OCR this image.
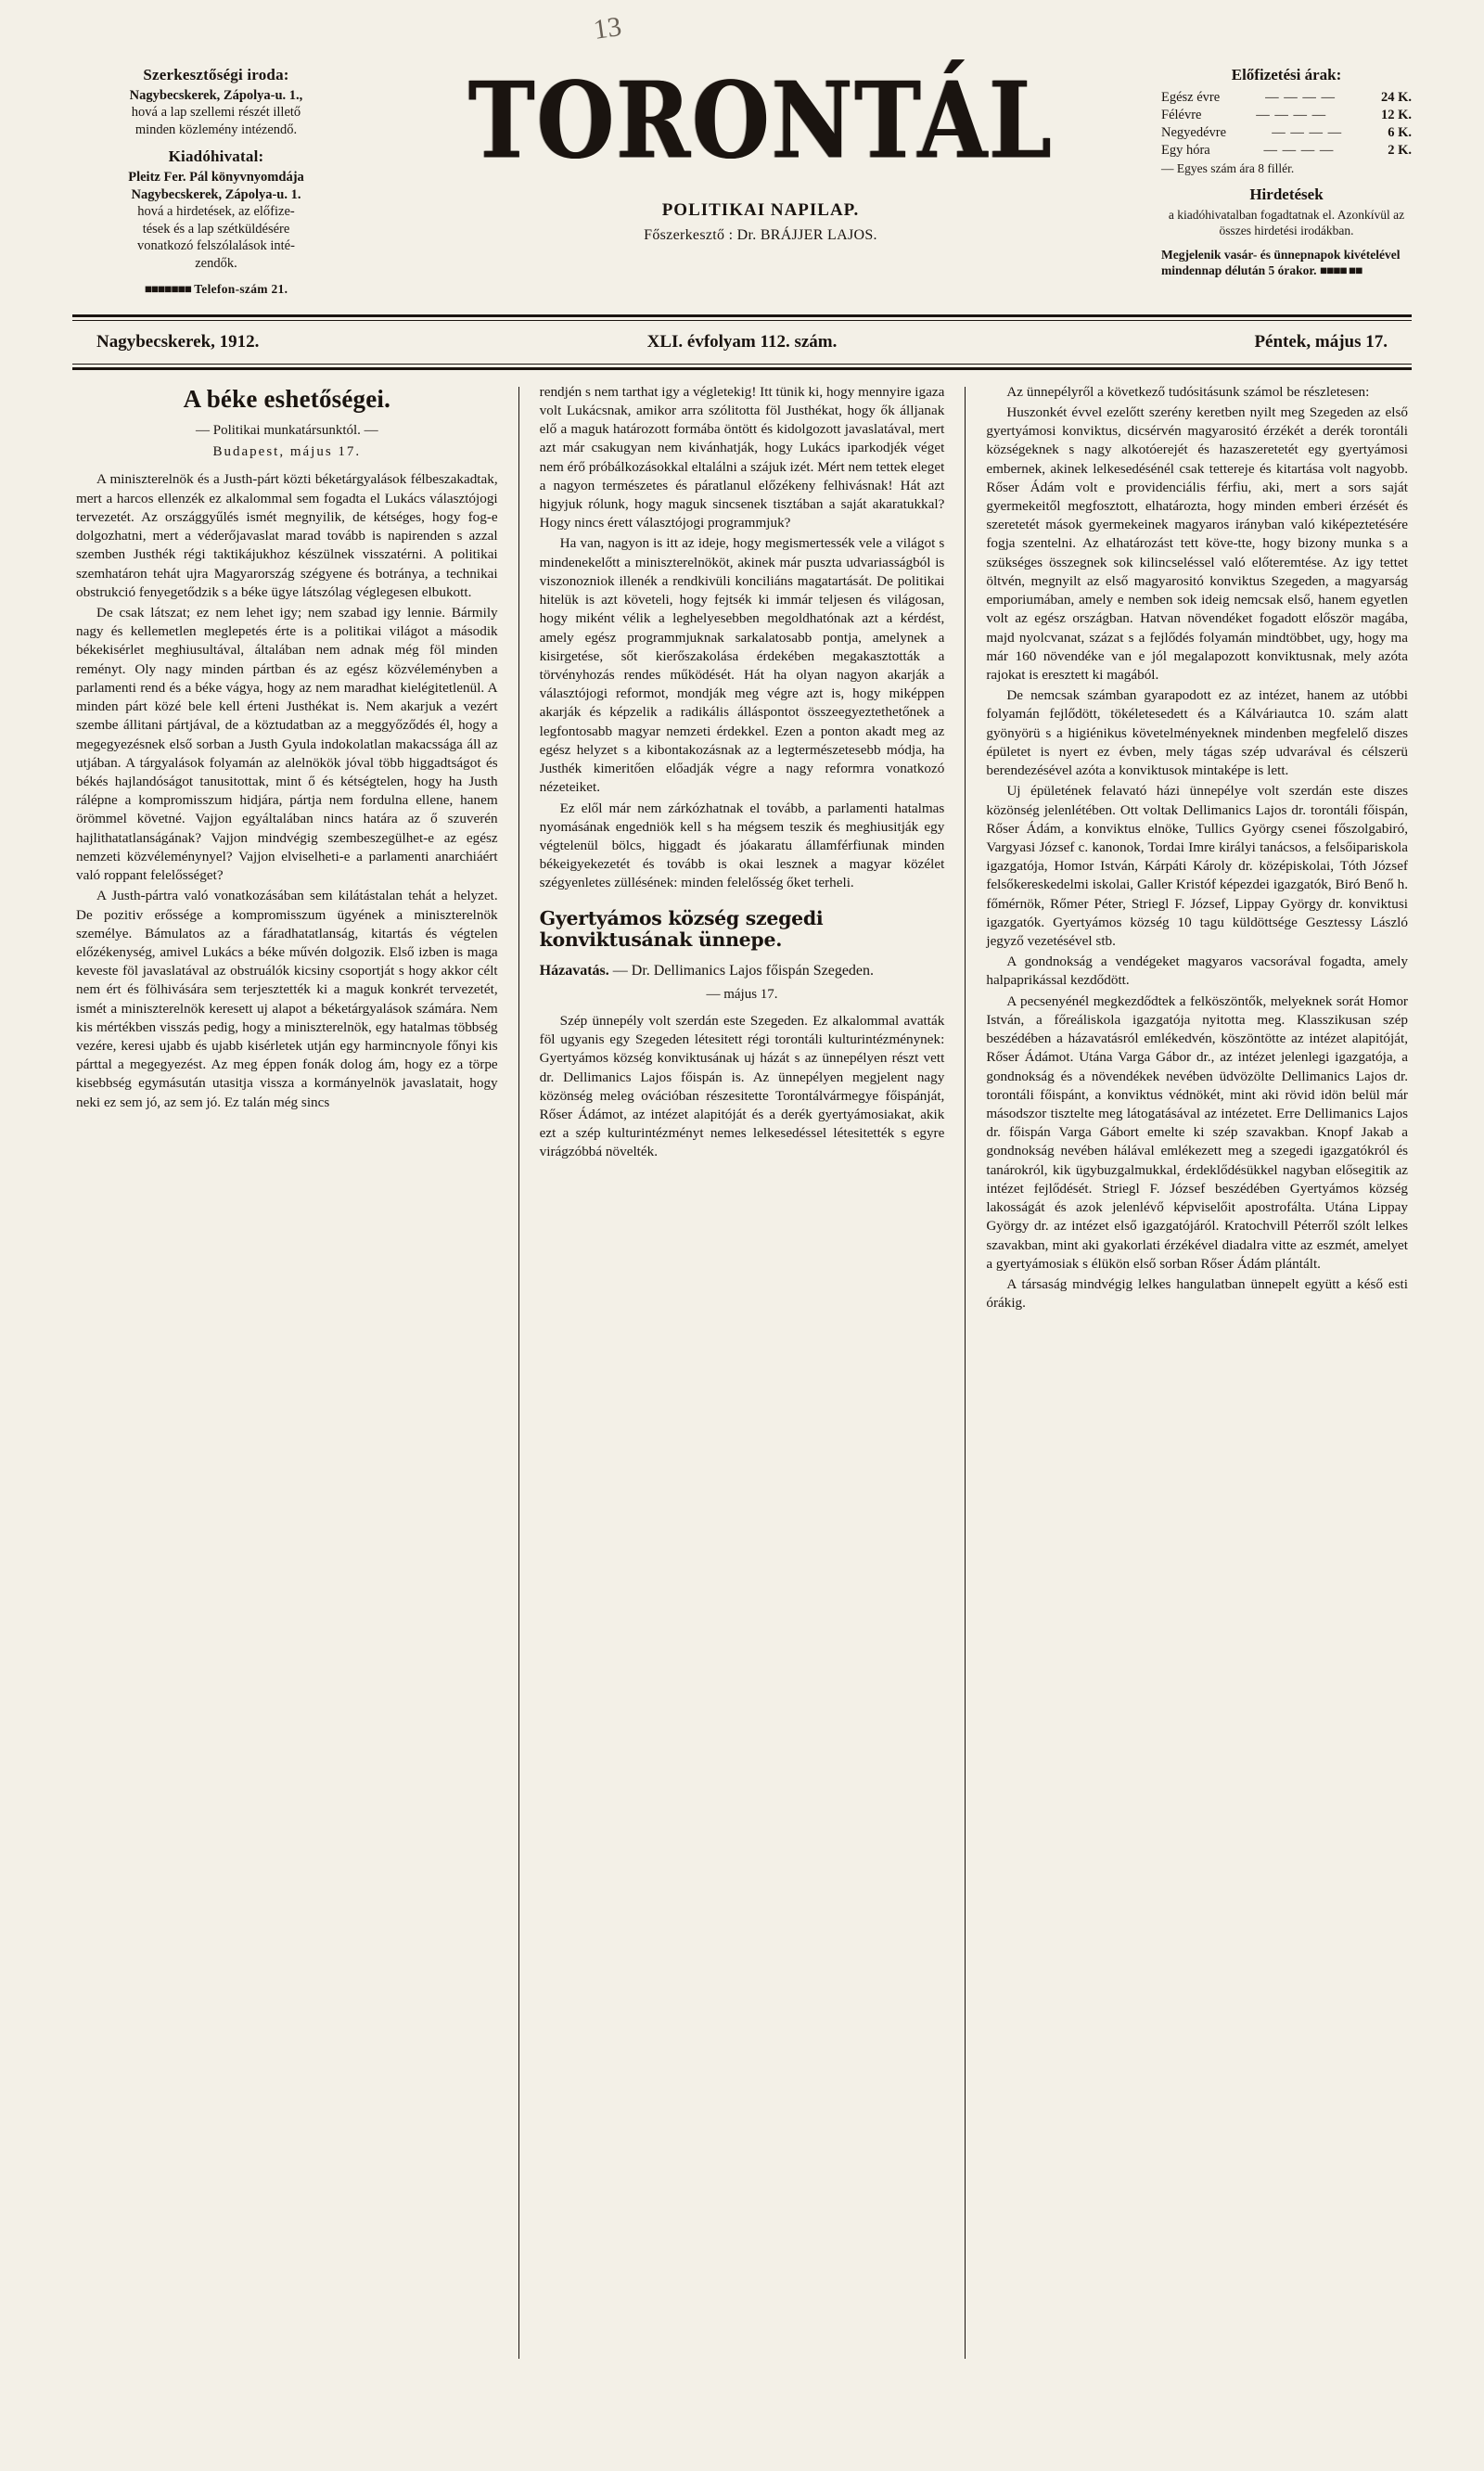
13
Szerkesztőségi iroda:
Nagybecskerek, Zápolya-u. 1.,
hová a lap szellemi részét illető
minden közlemény intézendő.
Kiadóhivatal:
Pleitz Fer. Pál könyvnyomdája
Nagybecskerek, Zápolya-u. 1.
hová a hirdetések, az előfize-
tések és a lap szétküldésére
vonatkozó felszólalások inté-
zendők.
■■■■■■■ Telefon-szám 21.
TORONTÁL
POLITIKAI NAPILAP.
Főszerkesztő : Dr. BRÁJJER LAJOS.
Előfizetési árak:
Egész évre	— — — —	24 K.
Félévre	— — — —	12 K.
Negyedévre	— — — —	6 K.
Egy hóra	— — — —	2 K.
— Egyes szám ára 8 fillér.
Hirdetések
a kiadóhivatalban fogadtatnak el. Azonkívül az összes hirdetési irodákban.
Megjelenik vasár- és ünnepnapok kivételével mindennap délután 5 órakor. ■■■■ ■■
Nagybecskerek, 1912.	XLI. évfolyam 112. szám.	Péntek, május 17.
A béke eshetőségei.
— Politikai munkatársunktól. —
Budapest, május 17.

A miniszterelnök és a Justh-párt közti béketárgyalások félbeszakadtak, mert a harcos ellenzék ez alkalommal sem fogadta el Lukács választójogi tervezetét. Az országgyűlés ismét megnyilik, de kétséges, hogy fog-e dolgozhatni, mert a véderőjavaslat marad tovább is napirenden s azzal szemben Justhék régi taktikájukhoz készülnek visszatérni. A politikai szemhatáron tehát ujra Magyarország szégyene és botránya, a technikai obstrukció fenyegetődzik s a béke ügye látszólag véglegesen elbukott.

De csak látszat; ez nem lehet igy; nem szabad igy lennie. Bármily nagy és kellemetlen meglepetés érte is a politikai világot a második békekisérlet meghiusultával, általában nem adnak még föl minden reményt. Oly nagy minden pártban és az egész közvéleményben a parlamenti rend és a béke vágya, hogy az nem maradhat kielégitetlenül. A minden párt közé bele kell érteni Justhékat is. Nem akarjuk a vezért szembe állitani pártjával, de a köztudatban az a meggyőződés él, hogy a megegyezésnek első sorban a Justh Gyula indokolatlan makacssága áll az utjában. A tárgyalások folyamán az alelnökök jóval több higgadtságot és békés hajlandóságot tanusitottak, mint ő és kétségtelen, hogy ha Justh rálépne a kompromisszum hidjára, pártja nem fordulna ellene, hanem örömmel követné. Vajjon egyáltalában nincs határa az ő szuverén hajlithatatlanságának? Vajjon mindvégig szembeszegülhet-e az egész nemzeti közvéleménynyel? Vajjon elviselheti-e a parlamenti anarchiáért való roppant felelősséget?

A Justh-pártra való vonatkozásában sem kilátástalan tehát a helyzet. De pozitiv erőssége a kompromisszum ügyének a miniszterelnök személye. Bámulatos az a fáradhatatlanság, kitartás és végtelen előzékenység, amivel Lukács a béke művén dolgozik. Első izben is maga keveste föl javaslatával az obstruálók kicsiny csoportját s hogy akkor célt nem ért és fölhivására sem terjesztették ki a maguk konkrét tervezetét, ismét a miniszterelnök keresett uj alapot a béketárgyalások számára. Nem kis mértékben visszás pedig, hogy a miniszterelnök, egy hatalmas többség vezére, keresi ujabb és ujabb kisérletek utján egy harmincnyole főnyi kis párttal a megegyezést. Az meg éppen fonák dolog ám, hogy ez a törpe kisebbség egymásután utasitja vissza a kormányelnök javaslatait, hogy neki ez sem jó, az sem jó. Ez talán még sincs

rendjén s nem tarthat igy a végletekig! Itt tünik ki, hogy mennyire igaza volt Lukácsnak, amikor arra szólitotta föl Justhékat, hogy ők álljanak elő a maguk határozott formába öntött és kidolgozott javaslatával, mert azt már csakugyan nem kivánhatják, hogy Lukács iparkodjék véget nem érő próbálkozásokkal eltalálni a szájuk izét. Mért nem tettek eleget a nagyon természetes és páratlanul előzékeny felhivásnak! Hát azt higyjuk rólunk, hogy maguk sincsenek tisztában a saját akaratukkal? Hogy nincs érett választójogi programmjuk?

Ha van, nagyon is itt az ideje, hogy megismertessék vele a világot s mindenekelőtt a miniszterelnököt, akinek már puszta udvariasságból is viszonozniok illenék a rendkivüli konciliáns magatartását. De politikai hitelük is azt követeli, hogy fejtsék ki immár teljesen és világosan, hogy miként vélik a leghelyesebben megoldhatónak azt a kérdést, amely egész programmjuknak sarkalatosabb pontja, amelynek a kisirgetése, sőt kierőszakolása érdekében megakasztották a törvényhozás rendes működését. Hát ha olyan nagyon akarják a választójogi reformot, mondják meg végre azt is, hogy miképpen akarják és képzelik a radikális álláspontot összeegyeztethetőnek a legfontosabb magyar nemzeti érdekkel. Ezen a ponton akadt meg az egész helyzet s a kibontakozásnak az a legtermészetesebb módja, ha Justhék kimeritően előadják végre a nagy reformra vonatkozó nézeteiket.

Ez elől már nem zárkózhatnak el tovább, a parlamenti hatalmas nyomásának engedniök kell s ha mégsem teszik és meghiusitják egy végtelenül bölcs, higgadt és jóakaratu államférfiunak minden békeigyekezetét és tovább is okai lesznek a magyar közélet szégyenletes züllésének: minden felelősség őket terheli.

Gyertyámos község szegedi konviktusának ünnepe.

Házavatás. — Dr. Dellimanics Lajos főispán Szegeden.

— május 17.

Szép ünnepély volt szerdán este Szegeden. Ez alkalommal avatták föl ugyanis egy Szegeden létesitett régi torontáli kulturintézménynek: Gyertyámos község konviktusának uj házát s az ünnepélyen részt vett dr. Dellimanics Lajos főispán is. Az ünnepélyen megjelent nagy közönség meleg ovációban részesitette Torontálvármegye főispánját, Rőser Ádámot, az intézet alapitóját és a derék gyertyámosiakat, akik ezt a szép kulturintézményt nemes lelkesedéssel létesitették s egyre virágzóbbá növelték.

Az ünnepélyről a következő tudósitásunk számol be részletesen:

Huszonkét évvel ezelőtt szerény keretben nyilt meg Szegeden az első gyertyámosi konviktus, dicsérvén magyarositó érzékét a derék torontáli községeknek s nagy alkotóerejét és hazaszeretetét egy gyertyámosi embernek, akinek lelkesedésénél csak tettereje és kitartása volt nagyobb. Rőser Ádám volt e providenciális férfiu, aki, mert a sors saját gyermekeitől megfosztott, elhatározta, hogy minden emberi érzését és szeretetét mások gyermekeinek magyaros irányban való kiképeztetésére fogja szentelni. Az elhatározást tett köve-tte, hogy bizony munka s a szükséges összegnek sok kilincseléssel való előteremtése. Az igy tettet öltvén, megnyilt az első magyarositó konviktus Szegeden, a magyarság emporiumában, amely e nemben sok ideig nemcsak első, hanem egyetlen volt az egész országban. Hatvan növendéket fogadott először magába, majd nyolcvanat, százat s a fejlődés folyamán mindtöbbet, ugy, hogy ma már 160 növendéke van e jól megalapozott konviktusnak, mely azóta rajokat is eresztett ki magából.

De nemcsak számban gyarapodott ez az intézet, hanem az utóbbi folyamán fejlődött, tökéletesedett és a Kálváriautca 10. szám alatt gyönyörü s a higiénikus követelményeknek mindenben megfelelő diszes épületet is nyert ez évben, mely tágas szép udvarával és célszerü berendezésével azóta a konviktusok mintaképe is lett.

Uj épületének felavató házi ünnepélye volt szerdán este diszes közönség jelenlétében. Ott voltak Dellimanics Lajos dr. torontáli főispán, Rőser Ádám, a konviktus elnöke, Tullics György csenei főszolgabiró, Vargyasi József c. kanonok, Tordai Imre királyi tanácsos, a felsőipariskola igazgatója, Homor István, Kárpáti Károly dr. középiskolai, Tóth József felsőkereskedelmi iskolai, Galler Kristóf képezdei igazgatók, Biró Benő h. főmérnök, Rőmer Péter, Striegl F. József, Lippay György dr. konviktusi igazgatók. Gyertyámos község 10 tagu küldöttsége Gesztessy László jegyző vezetésével stb.

A gondnokság a vendégeket magyaros vacsorával fogadta, amely halpaprikással kezdődött.

A pecsenyénél megkezdődtek a felköszöntők, melyeknek sorát Homor István, a főreáliskola igazgatója nyitotta meg. Klasszikusan szép beszédében a házavatásról emlékedvén, köszöntötte az intézet alapitóját, Rőser Ádámot. Utána Varga Gábor dr., az intézet jelenlegi igazgatója, a gondnokság és a növendékek nevében üdvözölte Dellimanics Lajos dr. torontáli főispánt, a konviktus védnökét, mint aki rövid idön belül már másodszor tisztelte meg látogatásával az intézetet. Erre Dellimanics Lajos dr. főispán Varga Gábort emelte ki szép szavakban. Knopf Jakab a gondnokság nevében hálával emlékezett meg a szegedi igazgatókról és tanárokról, kik ügybuzgalmukkal, érdeklődésükkel nagyban elősegitik az intézet fejlődését. Striegl F. József beszédében Gyertyámos község lakosságát és azok jelenlévő képviselőit apostrofálta. Utána Lippay György dr. az intézet első igazgatójáról. Kratochvill Péterről szólt lelkes szavakban, mint aki gyakorlati érzékével diadalra vitte az eszmét, amelyet a gyertyámosiak s élükön első sorban Rőser Ádám plántált.

A társaság mindvégig lelkes hangulatban ünnepelt együtt a késő esti órákig.
